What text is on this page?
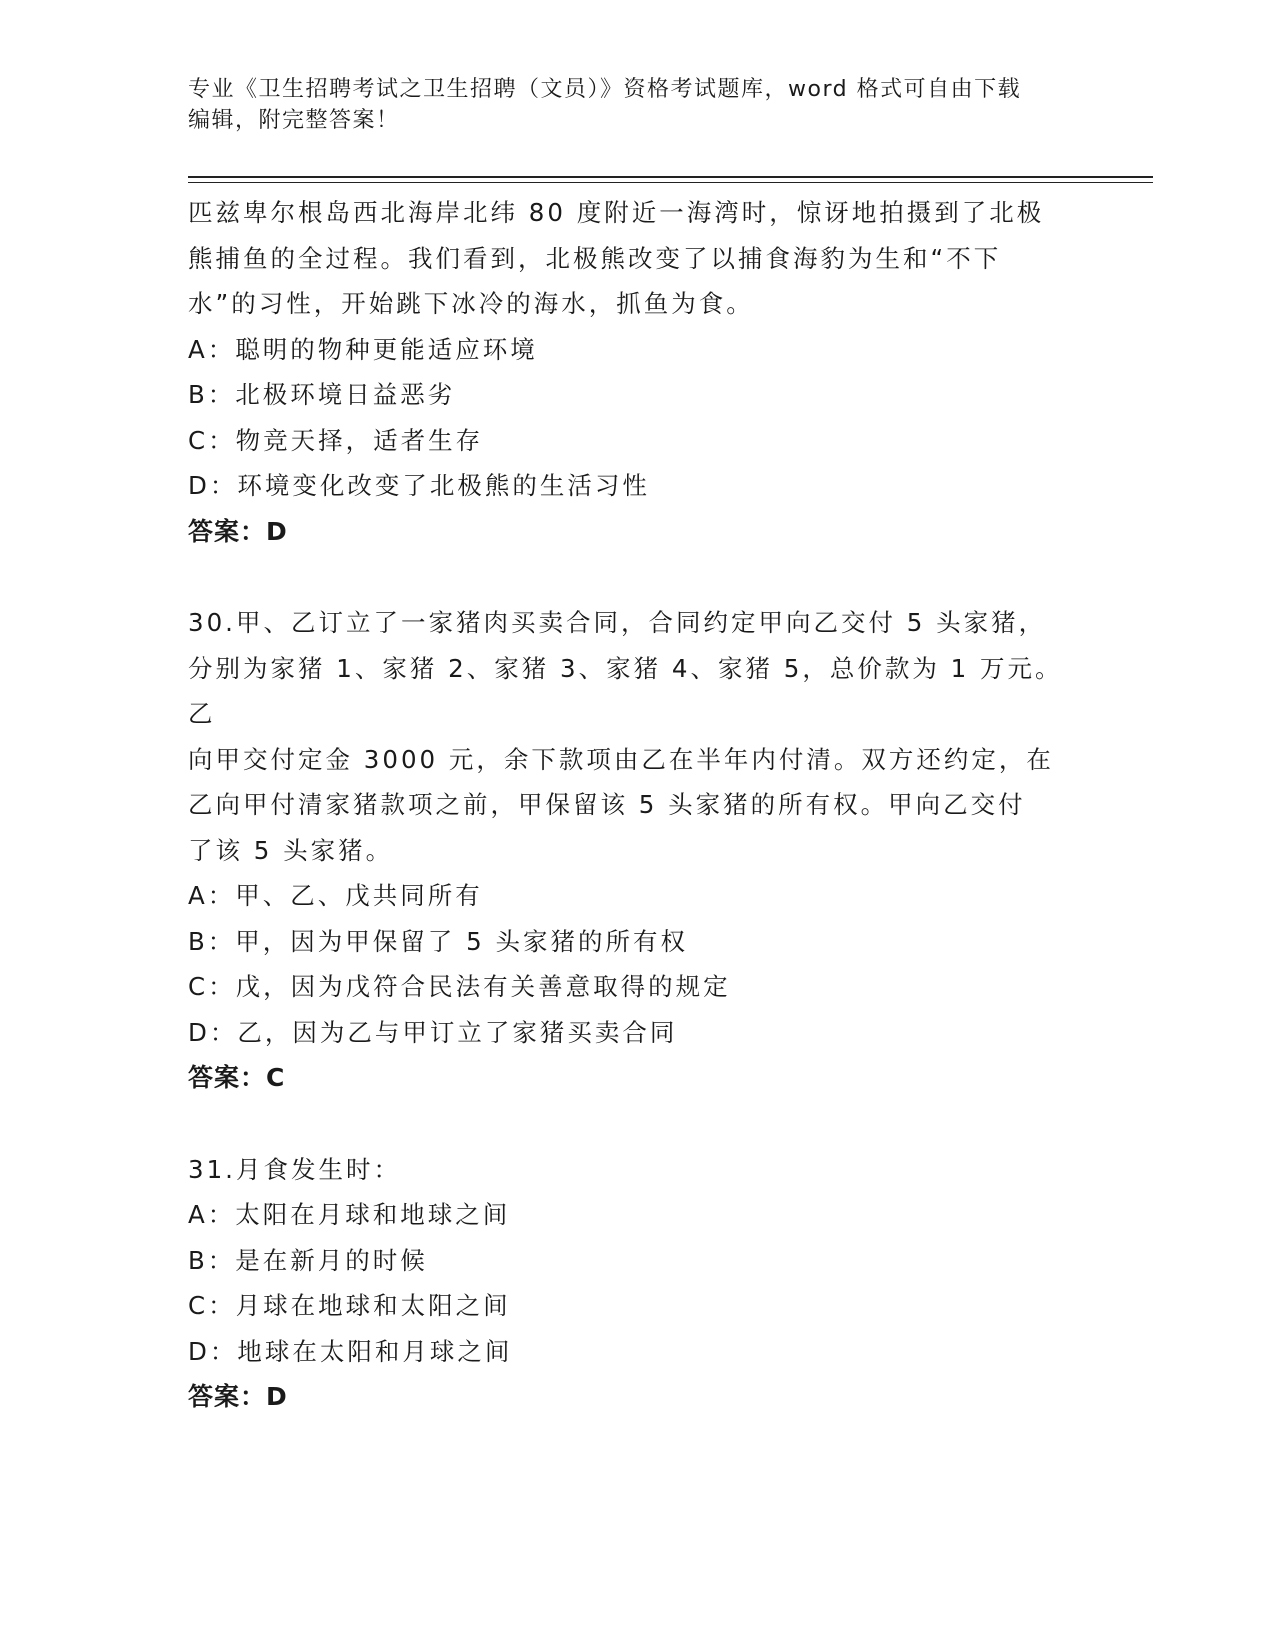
专业《卫生招聘考试之卫生招聘（文员）》资格考试题库，word 格式可自由下载
编辑，附完整答案！

匹兹卑尔根岛西北海岸北纬 80 度附近一海湾时，惊讶地拍摄到了北极

熊捕鱼的全过程。我们看到，北极熊改变了以捕食海豹为生和“不下

水”的习性，开始跳下冰冷的海水，抓鱼为食。

A：聪明的物种更能适应环境

B：北极环境日益恶劣

C：物竞天择，适者生存

D：环境变化改变了北极熊的生活习性

答案：D

30.甲、乙订立了一家猪肉买卖合同，合同约定甲向乙交付 5 头家猪，

分别为家猪 1、家猪 2、家猪 3、家猪 4、家猪 5，总价款为 1 万元。乙

向甲交付定金 3000 元，余下款项由乙在半年内付清。双方还约定，在

乙向甲付清家猪款项之前，甲保留该 5 头家猪的所有权。甲向乙交付

了该 5 头家猪。

A：甲、乙、戊共同所有

B：甲，因为甲保留了 5 头家猪的所有权

C：戊，因为戊符合民法有关善意取得的规定

D：乙，因为乙与甲订立了家猪买卖合同

答案：C

31.月食发生时：

A：太阳在月球和地球之间

B：是在新月的时候

C：月球在地球和太阳之间

D：地球在太阳和月球之间

答案：D
